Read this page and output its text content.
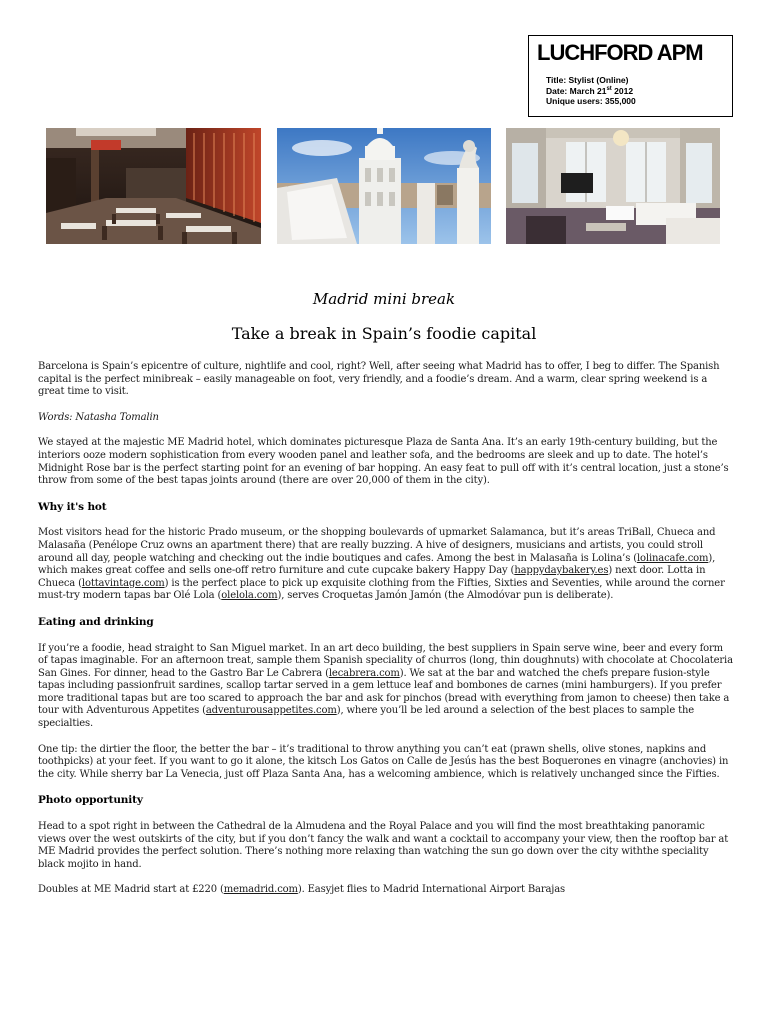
LUCHFORD APM
Title: Stylist (Online)
Date: March 21st 2012
Unique users: 355,000
Madrid mini break
Take a break in Spain’s foodie capital

Barcelona is Spain’s epicentre of culture, nightlife and cool, right? Well, after seeing what Madrid has to offer, I beg to differ. The Spanish capital is the perfect minibreak – easily manageable on foot, very friendly, and a foodie’s dream. And a warm, clear spring weekend is a great time to visit.

Words: Natasha Tomalin

We stayed at the majestic ME Madrid hotel, which dominates picturesque Plaza de Santa Ana. It’s an early 19th-century building, but the interiors ooze modern sophistication from every wooden panel and leather sofa, and the bedrooms are sleek and up to date. The hotel’s Midnight Rose bar is the perfect starting point for an evening of bar hopping. An easy feat to pull off with it’s central location, just a stone’s throw from some of the best tapas joints around (there are over 20,000 of them in the city).

Why it's hot

Most visitors head for the historic Prado museum, or the shopping boulevards of upmarket Salamanca, but it’s areas TriBall, Chueca and Malasaña (Penélope Cruz owns an apartment there) that are really buzzing. A hive of designers, musicians and artists, you could stroll around all day, people watching and checking out the indie boutiques and cafes. Among the best in Malasaña is Lolina’s (lolinacafe.com), which makes great coffee and sells one-off retro furniture and cute cupcake bakery Happy Day (happydaybakery.es) next door. Lotta in Chueca (lottavintage.com) is the perfect place to pick up exquisite clothing from the Fifties, Sixties and Seventies, while around the corner must-try modern tapas bar Olé Lola (olelola.com), serves Croquetas Jamón Jamón (the Almodóvar pun is deliberate).

Eating and drinking

If you’re a foodie, head straight to San Miguel market. In an art deco building, the best suppliers in Spain serve wine, beer and every form of tapas imaginable. For an afternoon treat, sample them Spanish speciality of churros (long, thin doughnuts) with chocolate at Chocolateria San Gines. For dinner, head to the Gastro Bar Le Cabrera (lecabrera.com). We sat at the bar and watched the chefs prepare fusion-style tapas including passionfruit sardines, scallop tartar served in a gem lettuce leaf and bombones de carnes (mini hamburgers). If you prefer more traditional tapas but are too scared to approach the bar and ask for pinchos (bread with everything from jamon to cheese) then take a tour with Adventurous Appetites (adventurousappetites.com), where you’ll be led around a selection of the best places to sample the specialties.

One tip: the dirtier the floor, the better the bar – it’s traditional to throw anything you can’t eat (prawn shells, olive stones, napkins and toothpicks) at your feet. If you want to go it alone, the kitsch Los Gatos on Calle de Jesús has the best Boquerones en vinagre (anchovies) in the city. While sherry bar La Venecia, just off Plaza Santa Ana, has a welcoming ambience, which is relatively unchanged since the Fifties.

Photo opportunity

Head to a spot right in between the Cathedral de la Almudena and the Royal Palace and you will find the most breathtaking panoramic views over the west outskirts of the city, but if you don’t fancy the walk and want a cocktail to accompany your view, then the rooftop bar at ME Madrid provides the perfect solution. There’s nothing more relaxing than watching the sun go down over the city withthe speciality black mojito in hand.

Doubles at ME Madrid start at £220 (memadrid.com). Easyjet flies to Madrid International Airport Barajas
